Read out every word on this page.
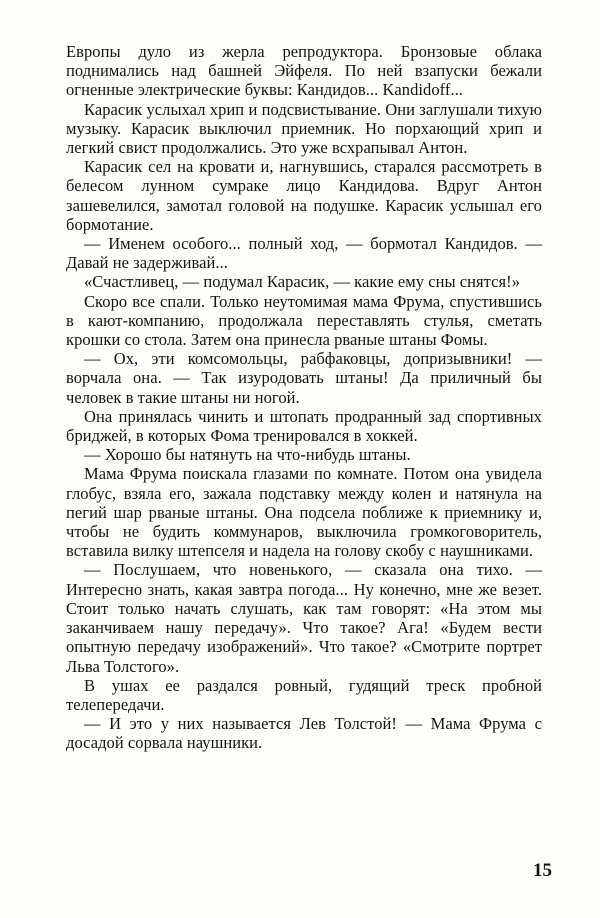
Европы дуло из жерла репродуктора. Бронзовые облака поднимались над башней Эйфеля. По ней взапуски бежали огненные электрические буквы: Кандидов... Kandidoff...

Карасик услыхал хрип и подсвистывание. Они заглушали тихую музыку. Карасик выключил приемник. Но порхающий хрип и легкий свист продолжались. Это уже всхрапывал Антон.

Карасик сел на кровати и, нагнувшись, старался рассмотреть в белесом лунном сумраке лицо Кандидова. Вдруг Антон зашевелился, замотал головой на подушке. Карасик услышал его бормотание.

— Именем особого... полный ход, — бормотал Кандидов. — Давай не задерживай...

«Счастливец, — подумал Карасик, — какие ему сны снятся!»

Скоро все спали. Только неутомимая мама Фрума, спустившись в кают-компанию, продолжала переставлять стулья, сметать крошки со стола. Затем она принесла рваные штаны Фомы.

— Ох, эти комсомольцы, рабфаковцы, допризывники! — ворчала она. — Так изуродовать штаны! Да приличный бы человек в такие штаны ни ногой.

Она принялась чинить и штопать продранный зад спортивных бриджей, в которых Фома тренировался в хоккей.

— Хорошо бы натянуть на что-нибудь штаны.

Мама Фрума поискала глазами по комнате. Потом она увидела глобус, взяла его, зажала подставку между колен и натянула на пегий шар рваные штаны. Она подсела поближе к приемнику и, чтобы не будить коммунаров, выключила громкоговоритель, вставила вилку штепселя и надела на голову скобу с наушниками.

— Послушаем, что новенького, — сказала она тихо. — Интересно знать, какая завтра погода... Ну конечно, мне же везет. Стоит только начать слушать, как там говорят: «На этом мы заканчиваем нашу передачу». Что такое? Ага! «Будем вести опытную передачу изображений». Что такое? «Смотрите портрет Льва Толстого».

В ушах ее раздался ровный, гудящий треск пробной телепередачи.

— И это у них называется Лев Толстой! — Мама Фрума с досадой сорвала наушники.

15
